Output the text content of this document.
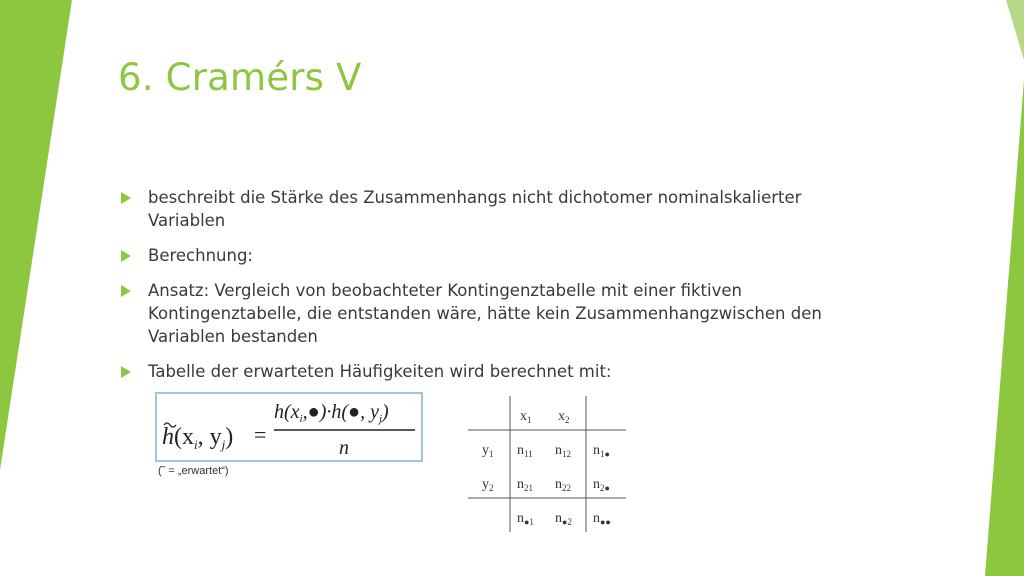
6. Cramérs V
beschreibt die Stärke des Zusammenhangs nicht dichotomer nominalskalierter Variablen
Berechnung:
Ansatz: Vergleich von beobachteter Kontingenztabelle mit einer fiktiven Kontingenztabelle, die entstanden wäre, hätte kein Zusammenhangzwischen den Variablen bestanden
Tabelle der erwarteten Häufigkeiten wird berechnet mit:
$h(x_i$, $y_j$) =
$h(x_i,●)\cdot h(●$, $y_j$)
n
(˜ = „erwartet“)
$x_1$ $x_2$
$y_1$ $n_{11}$ $n_{12}$ $n_{1●}$
$y_2$ $n_{21}$ $n_{22}$ $n_{2●}$
$n_{●1}$ $n_{●2}$ $n_{●●}$
